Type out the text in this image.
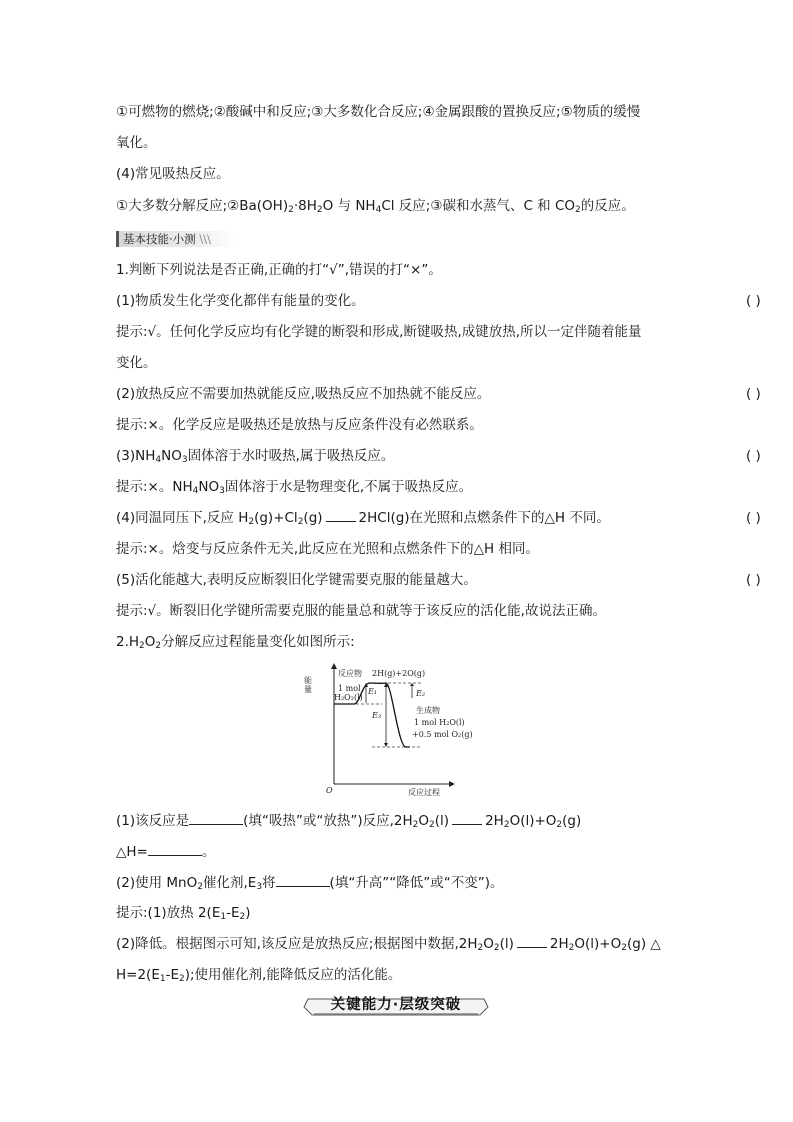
①可燃物的燃烧;②酸碱中和反应;③大多数化合反应;④金属跟酸的置换反应;⑤物质的缓慢
氧化。
(4)常见吸热反应。
①大多数分解反应$;②Ba(OH)_2\cdot 8H_2O$ 与 $NH_4Cl$ 反应;③碳和水蒸气、C 和 $CO_2$的反应。
基本技能·小测 \\\
1.判断下列说法是否正确,正确的打“√”,错误的打“×”。
(1)物质发生化学变化都伴有能量的变化。	( )
提示:√。任何化学反应均有化学键的断裂和形成,断键吸热,成键放热,所以一定伴随着能量
变化。
(2)放热反应不需要加热就能反应,吸热反应不加热就不能反应。	( )
提示:×。化学反应是吸热还是放热与反应条件没有必然联系。
$(3)NH_4NO_3$固体溶于水时吸热,属于吸热反应。	( )
提示:×。$NH_4NO_3$固体溶于水是物理变化,不属于吸热反应。
(4)同温同压下,反应 $H_2(g)+Cl_2(g)$	2HCl(g)在光照和点燃条件下的△H 不同。	( )
提示:×。焓变与反应条件无关,此反应在光照和点燃条件下的△H 相同。
(5)活化能越大,表明反应断裂旧化学键需要克服的能量越大。	( )
提示:√。断裂旧化学键所需要克服的能量总和就等于该反应的活化能,故说法正确。
$2.H_2O_2$分解反应过程能量变化如图所示:
能量
O	反应过程
反应物 2H(g)+2O(g)
1 mol
H₂O₂(l)
E₁	E₂
E₃
生成物
1 mol H₂O(l)
+0.5 mol O₂(g)
(1)该反应是	(填“吸热”或“放热”)反应$,2H_2O_2(l)$	$2H_2O(l)+O_2(g)$
△H=	。
(2)使用 MnO$_2$催化剂$,E_3$将	(填“升高”“降低”或“不变”)。
提示:(1)放热 $2(E_1-E_2)$
(2)降低。根据图示可知,该反应是放热反应;根据图中数据$,2H_2O_2(l)$	$2H_2O(l)+O_2(g)$ △
$H=2(E_1-E_2)$;使用催化剂,能降低反应的活化能。
关键能力·层级突破
